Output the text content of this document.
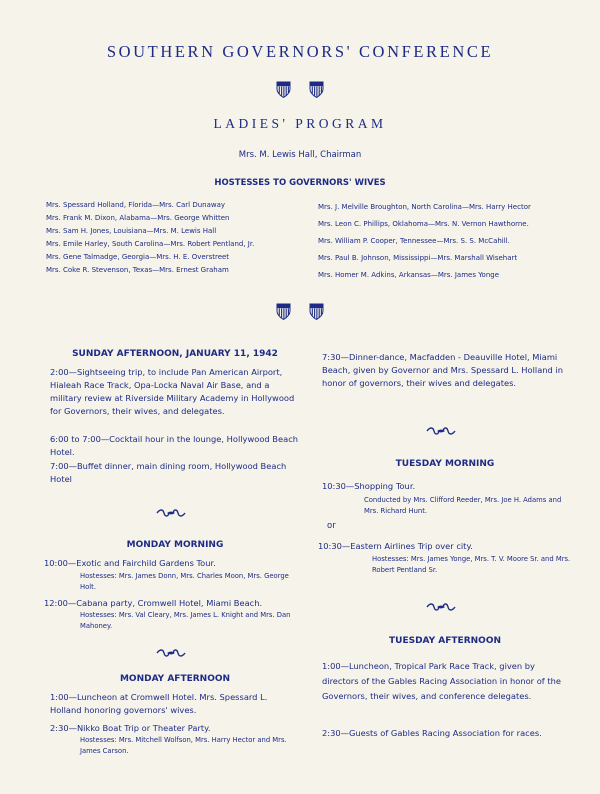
SOUTHERN GOVERNORS' CONFERENCE
LADIES' PROGRAM
Mrs. M. Lewis Hall, Chairman
HOSTESSES TO GOVERNORS' WIVES
Mrs. Spessard Holland, Florida—Mrs. Carl Dunaway
Mrs. Frank M. Dixon, Alabama—Mrs. George Whitten
Mrs. Sam H. Jones, Louisiana—Mrs. M. Lewis Hall
Mrs. Emile Harley, South Carolina—Mrs. Robert Pentland, Jr.
Mrs. Gene Talmadge, Georgia—Mrs. H. E. Overstreet
Mrs. Coke R. Stevenson, Texas—Mrs. Ernest Graham
Mrs. J. Melville Broughton, North Carolina—Mrs. Harry Hector
Mrs. Leon C. Phillips, Oklahoma—Mrs. N. Vernon Hawthorne.
Mrs. William P. Cooper, Tennessee—Mrs. S. S. McCahill.
Mrs. Paul B. Johnson, Mississippi—Mrs. Marshall Wisehart
Mrs. Homer M. Adkins, Arkansas—Mrs. James Yonge
SUNDAY AFTERNOON, JANUARY 11, 1942
2:00—Sightseeing trip, to include Pan American Airport, Hialeah Race Track, Opa-Locka Naval Air Base, and a military review at Riverside Military Academy in Hollywood for Governors, their wives, and delegates.
6:00 to 7:00—Cocktail hour in the lounge, Hollywood Beach Hotel.
7:00—Buffet dinner, main dining room, Hollywood Beach Hotel
MONDAY MORNING
10:00—Exotic and Fairchild Gardens Tour.
Hostesses: Mrs. James Donn, Mrs. Charles Moon, Mrs. George Holt.
12:00—Cabana party, Cromwell Hotel, Miami Beach.
Hostesses: Mrs. Val Cleary, Mrs. James L. Knight and Mrs. Dan Mahoney.
MONDAY AFTERNOON
1:00—Luncheon at Cromwell Hotel. Mrs. Spessard L. Holland honoring governors' wives.
2:30—Nikko Boat Trip or Theater Party.
Hostesses: Mrs. Mitchell Wolfson, Mrs. Harry Hector and Mrs. James Carson.
7:30—Dinner-dance, Macfadden - Deauville Hotel, Miami Beach, given by Governor and Mrs. Spessard L. Holland in honor of governors, their wives and delegates.
TUESDAY MORNING
10:30—Shopping Tour.
Conducted by Mrs. Clifford Reeder, Mrs. Joe H. Adams and Mrs. Richard Hunt.
or
10:30—Eastern Airlines Trip over city.
Hostesses: Mrs. James Yonge, Mrs. T. V. Moore Sr. and Mrs. Robert Pentland Sr.
TUESDAY AFTERNOON
1:00—Luncheon, Tropical Park Race Track, given by directors of the Gables Racing Association in honor of the Governors, their wives, and conference delegates.
2:30—Guests of Gables Racing Association for races.
